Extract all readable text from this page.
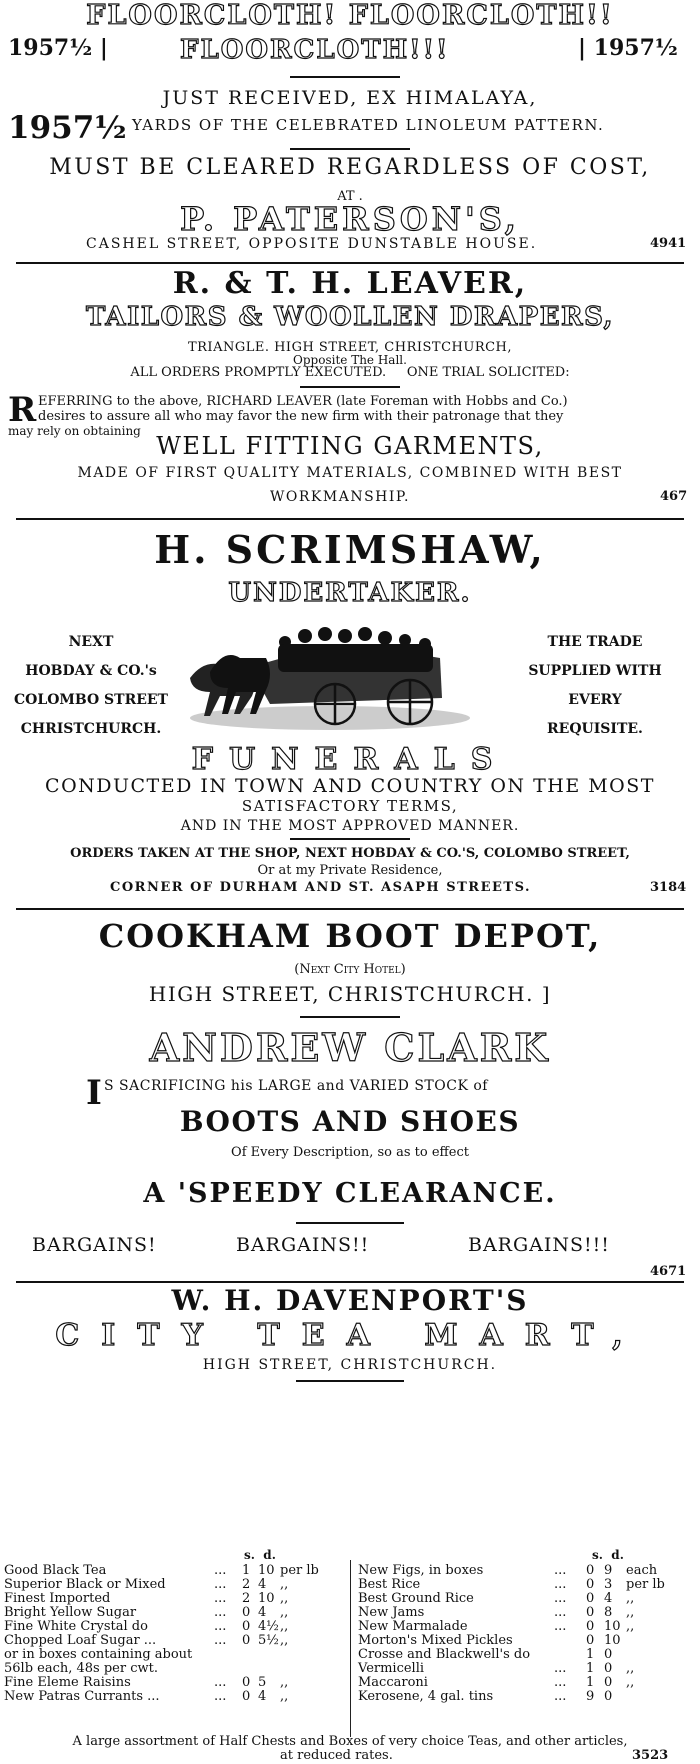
FLOORCLOTH! FLOORCLOTH!!
1957½ |	FLOORCLOTH!!!	| 1957½
JUST RECEIVED, EX HIMALAYA,
1957½ YARDS OF THE CELEBRATED LINOLEUM PATTERN.
MUST BE CLEARED REGARDLESS OF COST,
AT .
P. PATERSON'S,
CASHEL STREET, OPPOSITE DUNSTABLE HOUSE.	4941
R. & T. H. LEAVER,
TAILORS & WOOLLEN DRAPERS,
TRIANGLE. HIGH STREET, CHRISTCHURCH,
Opposite The Hall.
ALL ORDERS PROMPTLY EXECUTED.     ONE TRIAL SOLICITED:
R EFERRING to the above, RICHARD LEAVER (late Foreman with Hobbs and Co.)
desires to assure all who may favor the new firm with their patronage that they
may rely on obtaining
WELL FITTING GARMENTS,
MADE OF FIRST QUALITY MATERIALS, COMBINED WITH BEST
WORKMANSHIP.	467
H. SCRIMSHAW,
UNDERTAKER.
NEXT
HOBDAY & CO.'s
COLOMBO STREET
CHRISTCHURCH.
THE TRADE
SUPPLIED WITH
EVERY
REQUISITE.
FUNERALS
CONDUCTED IN TOWN AND COUNTRY ON THE MOST
SATISFACTORY TERMS,
AND IN THE MOST APPROVED MANNER.
ORDERS TAKEN AT THE SHOP, NEXT HOBDAY & CO.'S, COLOMBO STREET,
Or at my Private Residence,
CORNER OF DURHAM AND ST. ASAPH STREETS.	3184
COOKHAM BOOT DEPOT,
(Next City Hotel)
HIGH STREET, CHRISTCHURCH. ]
ANDREW CLARK
I S SACRIFICING his LARGE and VARIED STOCK of
BOOTS AND SHOES
Of Every Description, so as to effect
A 'SPEEDY CLEARANCE.
BARGAINS!	BARGAINS!!	BARGAINS!!!
4671
W. H. DAVENPORT'S
CITY TEA MART,
HIGH STREET, CHRISTCHURCH.
s. d.	s. d.
Good Black Tea	...	1	10	per lb		New Figs, in boxes	...	0	9	each
Superior Black or Mixed	...	2	4	,,		Best Rice	...	0	3	per lb
Finest Imported	...	2	10	,,		Best Ground Rice	...	0	4	,,
Bright Yellow Sugar	...	0	4	,,		New Jams	...	0	8	,,
Fine White Crystal do	...	0	4½	,,		New Marmalade	...	0	10	,,
Chopped Loaf Sugar ...	...	0	5½	,,		Morton's Mixed Pickles		0	10	
or in boxes containing about						Crosse and Blackwell's do		1	0	
56lb each, 48s per cwt.						Vermicelli	...	1	0	,,
Fine Eleme Raisins	...	0	5	,,		Maccaroni	...	1	0	,,
New Patras Currants ...	...	0	4	,,		Kerosene, 4 gal. tins	...	9	0	
A large assortment of Half Chests and Boxes of very choice Teas, and other articles,
at reduced rates.	3523
